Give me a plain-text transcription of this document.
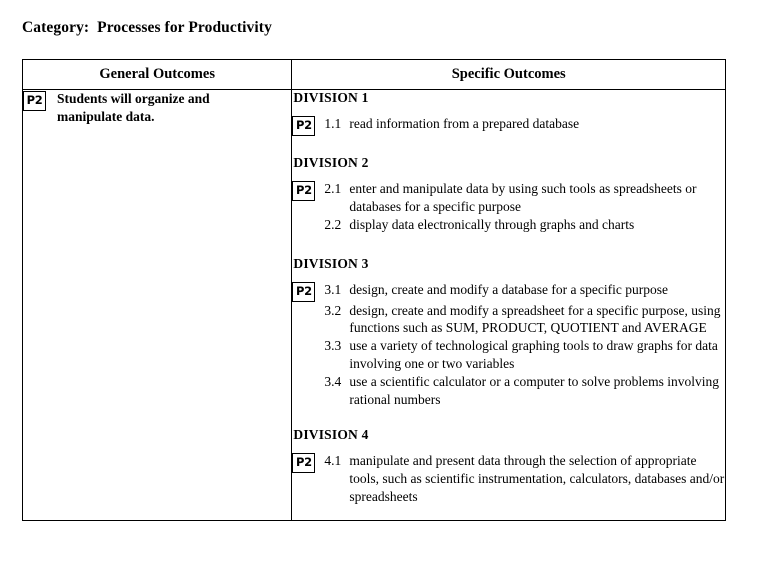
Category:  Processes for Productivity
General Outcomes	Specific Outcomes

P2	Students will organize and manipulate data.

DIVISION 1
P2 1.1 read information from a prepared database
DIVISION 2
P2 2.1 enter and manipulate data by using such tools as spreadsheets or databases for a specific purpose
2.2 display data electronically through graphs and charts
DIVISION 3
P2 3.1 design, create and modify a database for a specific purpose
3.2 design, create and modify a spreadsheet for a specific purpose, using functions such as SUM, PRODUCT, QUOTIENT and AVERAGE
3.3 use a variety of technological graphing tools to draw graphs for data involving one or two variables
3.4 use a scientific calculator or a computer to solve problems involving rational numbers
DIVISION 4
P2 4.1 manipulate and present data through the selection of appropriate tools, such as scientific instrumentation, calculators, databases and/or spreadsheets
